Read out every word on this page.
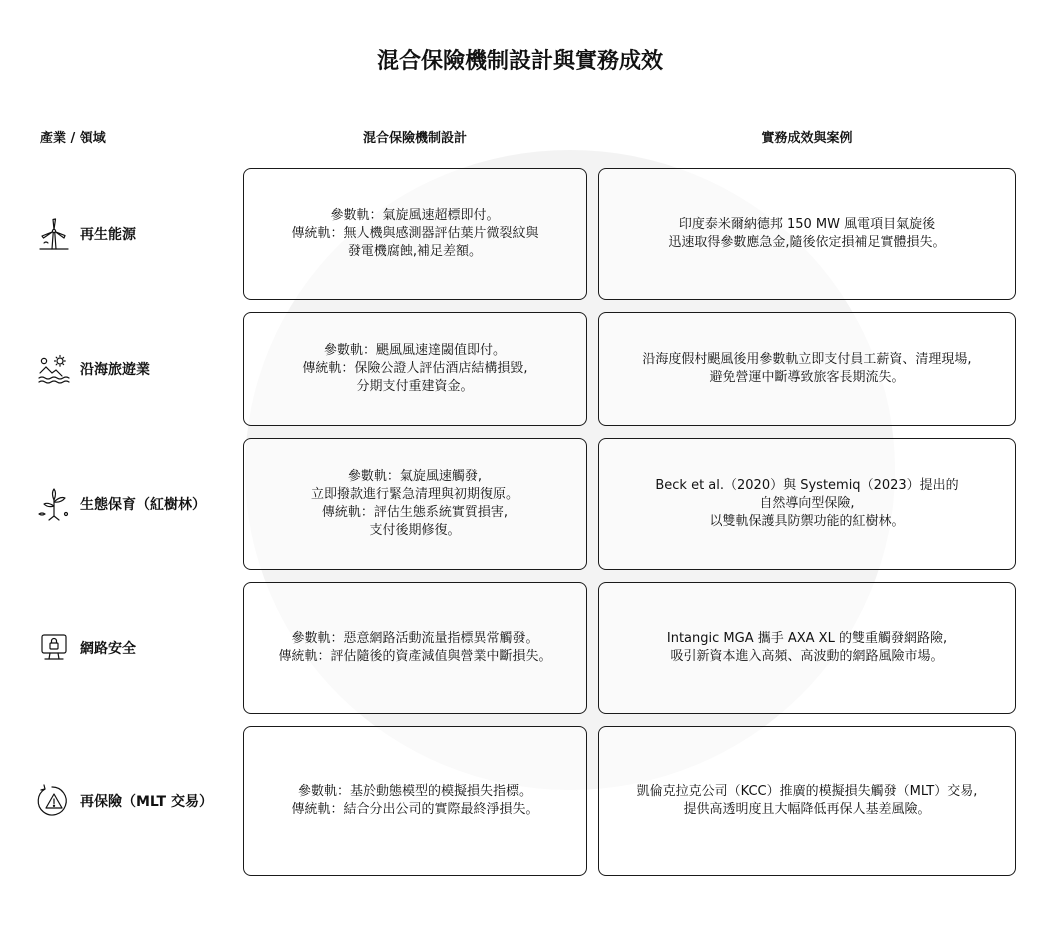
混合保險機制設計與實務成效
產業 / 領域	混合保險機制設計	實務成效與案例
再生能源
參數軌：氣旋風速超標即付。
傳統軌：無人機與感測器評估葉片微裂紋與
發電機腐蝕,補足差額。
印度泰米爾納德邦 150 MW 風電項目氣旋後
迅速取得參數應急金,隨後依定損補足實體損失。
沿海旅遊業
參數軌：颶風風速達閾值即付。
傳統軌：保險公證人評估酒店結構損毀,
分期支付重建資金。
沿海度假村颶風後用參數軌立即支付員工薪資、清理現場,
避免營運中斷導致旅客長期流失。
生態保育（紅樹林）
參數軌：氣旋風速觸發,
立即撥款進行緊急清理與初期復原。
傳統軌：評估生態系統實質損害,
支付後期修復。
Beck et al.（2020）與 Systemiq（2023）提出的
自然導向型保險,
以雙軌保護具防禦功能的紅樹林。
網路安全
參數軌：惡意網路活動流量指標異常觸發。
傳統軌：評估隨後的資產減值與營業中斷損失。
Intangic MGA 攜手 AXA XL 的雙重觸發網路險,
吸引新資本進入高頻、高波動的網路風險市場。
再保險（MLT 交易）
參數軌：基於動態模型的模擬損失指標。
傳統軌：結合分出公司的實際最終淨損失。
凱倫克拉克公司（KCC）推廣的模擬損失觸發（MLT）交易,
提供高透明度且大幅降低再保人基差風險。
